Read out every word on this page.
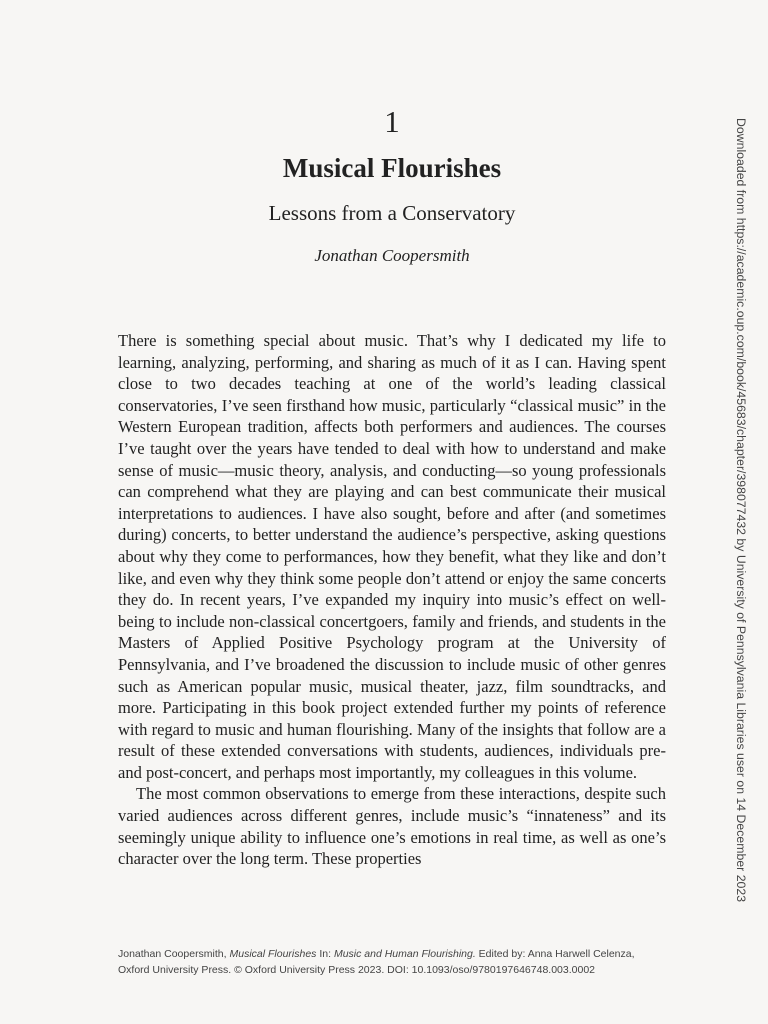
1
Musical Flourishes
Lessons from a Conservatory
Jonathan Coopersmith

There is something special about music. That’s why I dedicated my life to learning, analyzing, performing, and sharing as much of it as I can. Having spent close to two decades teaching at one of the world’s leading classical conservatories, I’ve seen firsthand how music, particularly “classical music” in the Western European tradition, affects both performers and audiences. The courses I’ve taught over the years have tended to deal with how to understand and make sense of music—music theory, analysis, and conducting—so young professionals can comprehend what they are playing and can best communicate their musical interpretations to audiences. I have also sought, before and after (and sometimes during) concerts, to better understand the audience’s perspective, asking questions about why they come to performances, how they benefit, what they like and don’t like, and even why they think some people don’t attend or enjoy the same concerts they do. In recent years, I’ve expanded my inquiry into music’s effect on well-being to include non-classical concertgoers, family and friends, and students in the Masters of Applied Positive Psychology program at the University of Pennsylvania, and I’ve broadened the discussion to include music of other genres such as American popular music, musical theater, jazz, film soundtracks, and more. Participating in this book project extended further my points of reference with regard to music and human flourishing. Many of the insights that follow are a result of these extended conversations with students, audiences, individuals pre- and post-concert, and perhaps most importantly, my colleagues in this volume.

The most common observations to emerge from these interactions, despite such varied audiences across different genres, include music’s “innateness” and its seemingly unique ability to influence one’s emotions in real time, as well as one’s character over the long term. These properties

Jonathan Coopersmith, Musical Flourishes In: Music and Human Flourishing. Edited by: Anna Harwell Celenza,
Oxford University Press. © Oxford University Press 2023. DOI: 10.1093/oso/9780197646748.003.0002
Downloaded from https://academic.oup.com/book/45683/chapter/398077432 by University of Pennsylvania Libraries user on 14 December 2023
